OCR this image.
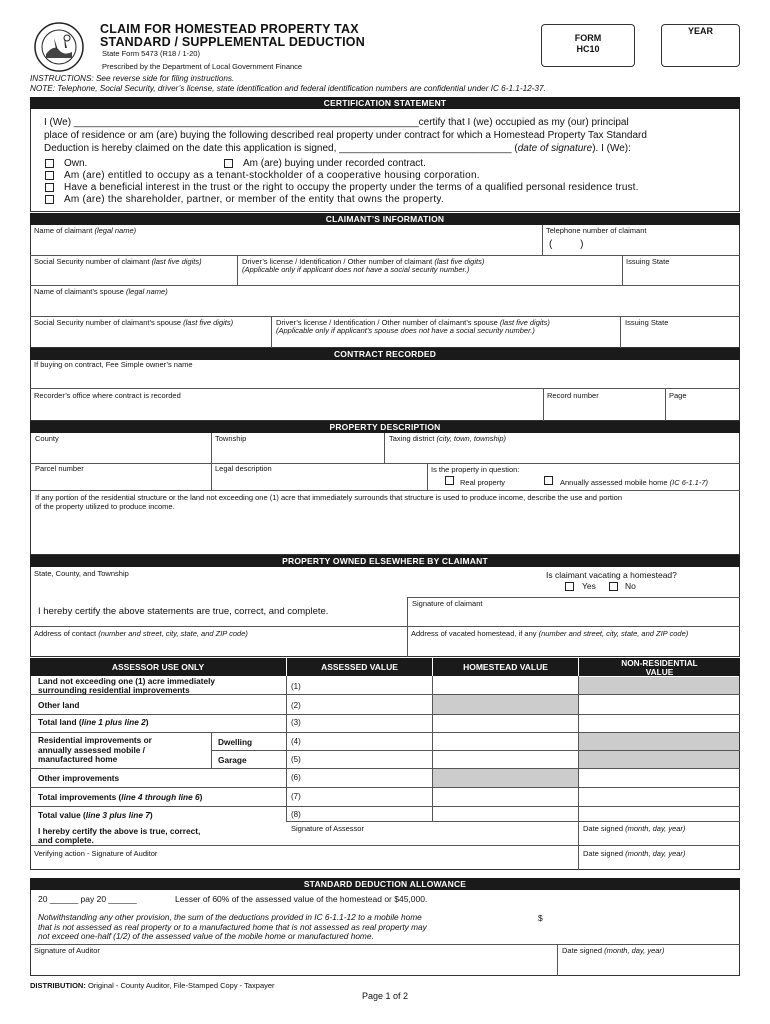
CLAIM FOR HOMESTEAD PROPERTY TAX
STANDARD / SUPPLEMENTAL DEDUCTION
State Form 5473 (R18 / 1-20)
Prescribed by the Department of Local Government Finance
FORM
HC10
YEAR
INSTRUCTIONS: See reverse side for filing instructions.
NOTE: Telephone, Social Security, driver’s license, state identification and federal identification numbers are confidential under IC 6-1.1-12-37.
CERTIFICATION STATEMENT
I (We) ______________________________________________________________certify that I (we) occupied as my (our) principal
place of residence or am (are) buying the following described real property under contract for which a Homestead Property Tax Standard
Deduction is hereby claimed on the date this application is signed, _______________________________ (date of signature). I (We):
Own.	Am (are) buying under recorded contract.
Am (are) entitled to occupy as a tenant-stockholder of a cooperative housing corporation.
Have a beneficial interest in the trust or the right to occupy the property under the terms of a qualified personal residence trust.
Am (are) the shareholder, partner, or member of the entity that owns the property.
CLAIMANT’S INFORMATION
Name of claimant (legal name)	Telephone number of claimant
(          )
Social Security number of claimant (last five digits)	Driver’s license / Identification / Other number of claimant (last five digits)
(Applicable only if applicant does not have a social security number.)
Issuing State
Name of claimant’s spouse (legal name)
Social Security number of claimant’s spouse (last five digits)	Driver’s license / Identification / Other number of claimant’s spouse (last five digits)
(Applicable only if applicant’s spouse does not have a social security number.)
Issuing State
CONTRACT RECORDED
If buying on contract, Fee Simple owner’s name
Recorder’s office where contract is recorded	Record number	Page
PROPERTY DESCRIPTION
County	Township	Taxing district (city, town, township)
Parcel number	Legal description	Is the property in question:
Real property	Annually assessed mobile home (IC 6-1.1-7)
If any portion of the residential structure or the land not exceeding one (1) acre that immediately surrounds that structure is used to produce income, describe the use and portion
of the property utilized to produce income.
PROPERTY OWNED ELSEWHERE BY CLAIMANT
State, County, and Township	Is claimant vacating a homestead?
Yes	No
I hereby certify the above statements are true, correct, and complete.
Signature of claimant
Address of contact (number and street, city, state, and ZIP code)	Address of vacated homestead, if any (number and street, city, state, and ZIP code)
ASSESSOR USE ONLY	ASSESSED VALUE	HOMESTEAD VALUE	NON-RESIDENTIAL
VALUE
Land not exceeding one (1) acre immediately
surrounding residential improvements	(1)
Other land	(2)
Total land (line 1 plus line 2)	(3)
Residential improvements or
annually assessed mobile /
manufactured home
Dwelling	(4)
Garage	(5)
Other improvements	(6)
Total improvements (line 4 through line 6)	(7)
Total value (line 3 plus line 7)	(8)
I hereby certify the above is true, correct,
and complete.
Signature of Assessor	Date signed (month, day, year)
Verifying action - Signature of Auditor	Date signed (month, day, year)
STANDARD DEDUCTION ALLOWANCE
20 ______ pay 20 ______	Lesser of 60% of the assessed value of the homestead or $45,000.
Notwithstanding any other provision, the sum of the deductions provided in IC 6-1.1-12 to a mobile home
that is not assessed as real property or to a manufactured home that is not assessed as real property may
not exceed one-half (1/2) of the assessed value of the mobile home or manufactured home.
$
Signature of Auditor	Date signed (month, day, year)
DISTRIBUTION: Original - County Auditor, File-Stamped Copy - Taxpayer
Page 1 of 2
